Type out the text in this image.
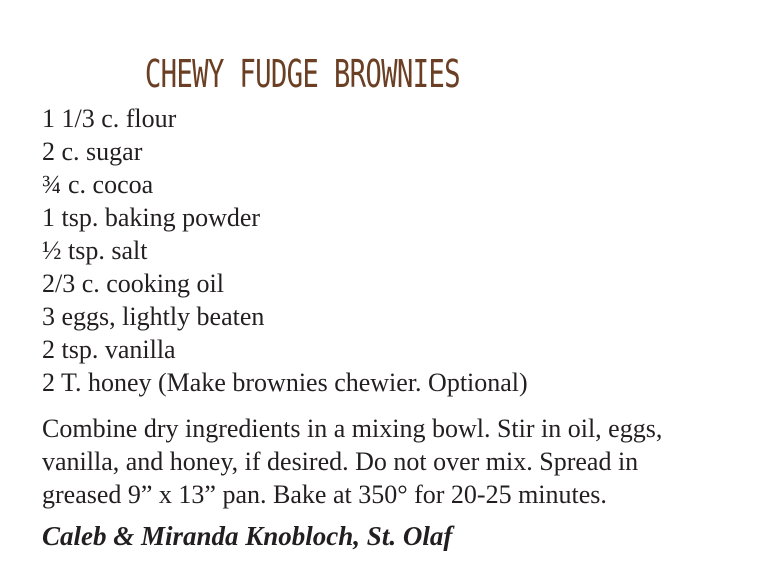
CHEWY FUDGE BROWNIES
1 1/3 c. flour
2 c. sugar
¾ c. cocoa
1 tsp. baking powder
½ tsp. salt
2/3 c. cooking oil
3 eggs, lightly beaten
2 tsp. vanilla
2 T. honey (Make brownies chewier. Optional)

Combine dry ingredients in a mixing bowl. Stir in oil, eggs,
vanilla, and honey, if desired. Do not over mix. Spread in
greased 9” x 13” pan. Bake at 350° for 20-25 minutes.

Caleb & Miranda Knobloch, St. Olaf
